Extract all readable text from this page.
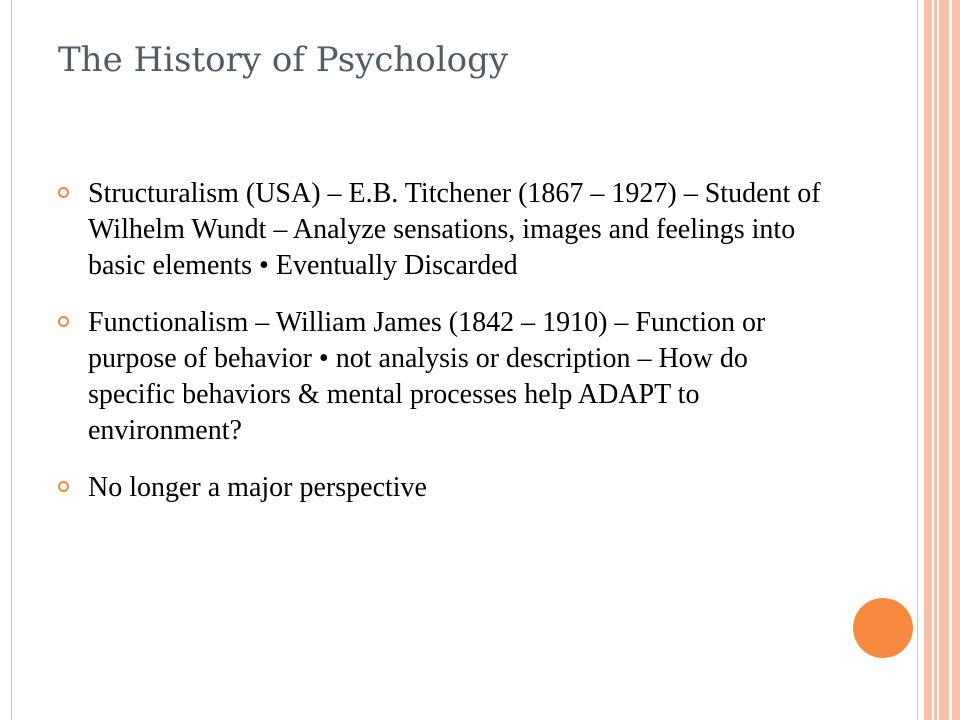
The History of Psychology
Structuralism (USA) – E.B. Titchener (1867 – 1927) – Student of Wilhelm Wundt – Analyze sensations, images and feelings into basic elements • Eventually Discarded
Functionalism – William James (1842 – 1910) – Function or purpose of behavior • not analysis or description – How do specific behaviors & mental processes help ADAPT to environment?
No longer a major perspective
